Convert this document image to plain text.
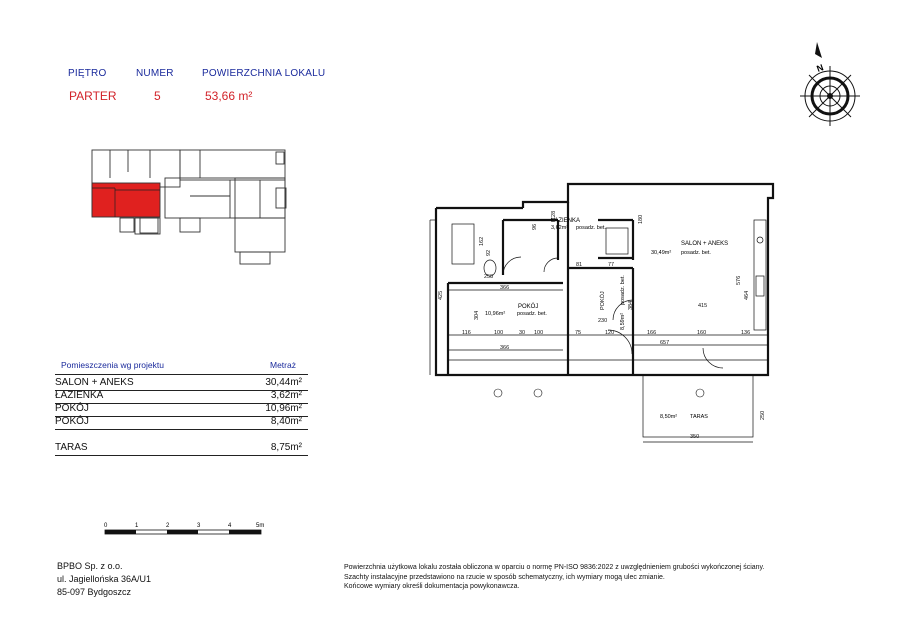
PIĘTRO	NUMER	POWIERZCHNIA LOKALU
PARTER	5	53,66 m²
Pomieszczenia wg projektu	Metraż
SALON + ANEKS	30,44m²
ŁAZIENKA	3,62m²
POKÓJ	10,96m²
POKÓJ	8,40m²
TARAS	8,75m²
0	1	2	3	4	5m
N
ŁAZIENKA
3,62m² posadz. bet.
SALON + ANEKS
30,49m² posadz. bet.
POKÓJ
10,96m² posadz. bet.
POKÓJ
8,59m²
posadz. bet.
8,50m² TARAS
366
366
258
415
657
350
116	100	30 100	75	120	166	160	136
230
180
576
464
384
304
425
250
92
77
81
96
128
162
BPBO Sp. z o.o.
ul. Jagiellońska 36A/U1
85-097 Bydgoszcz
Powierzchnia użytkowa lokalu została obliczona w oparciu o normę PN-ISO 9836:2022 z uwzględnieniem grubości wykończonej ściany.
Szachty instalacyjne przedstawiono na rzucie w sposób schematyczny, ich wymiary mogą ulec zmianie.
Końcowe wymiary określi dokumentacja powykonawcza.
